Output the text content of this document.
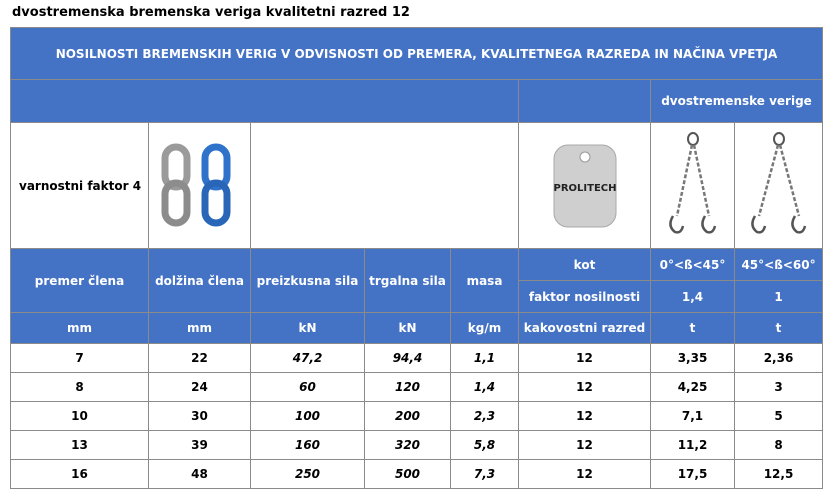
dvostremenska bremenska veriga kvalitetni razred 12
NOSILNOSTI BREMENSKIH VERIG V ODVISNOSTI OD PREMERA, KVALITETNEGA RAZREDA IN NAČINA VPETJA							
						dvostremenske verige	
varnostni faktor 4					PROLITECH

premer člena	dolžina člena	preizkusna sila	trgalna sila	masa	kot	0°<ß<45°	45°<ß<60°
					faktor nosilnosti	1,4	1
mm	mm	kN	kN	kg/m	kakovostni razred	t	t
7	22	47,2	94,4	1,1	12	3,35	2,36
8	24	60	120	1,4	12	4,25	3
10	30	100	200	2,3	12	7,1	5
13	39	160	320	5,8	12	11,2	8
16	48	250	500	7,3	12	17,5	12,5
